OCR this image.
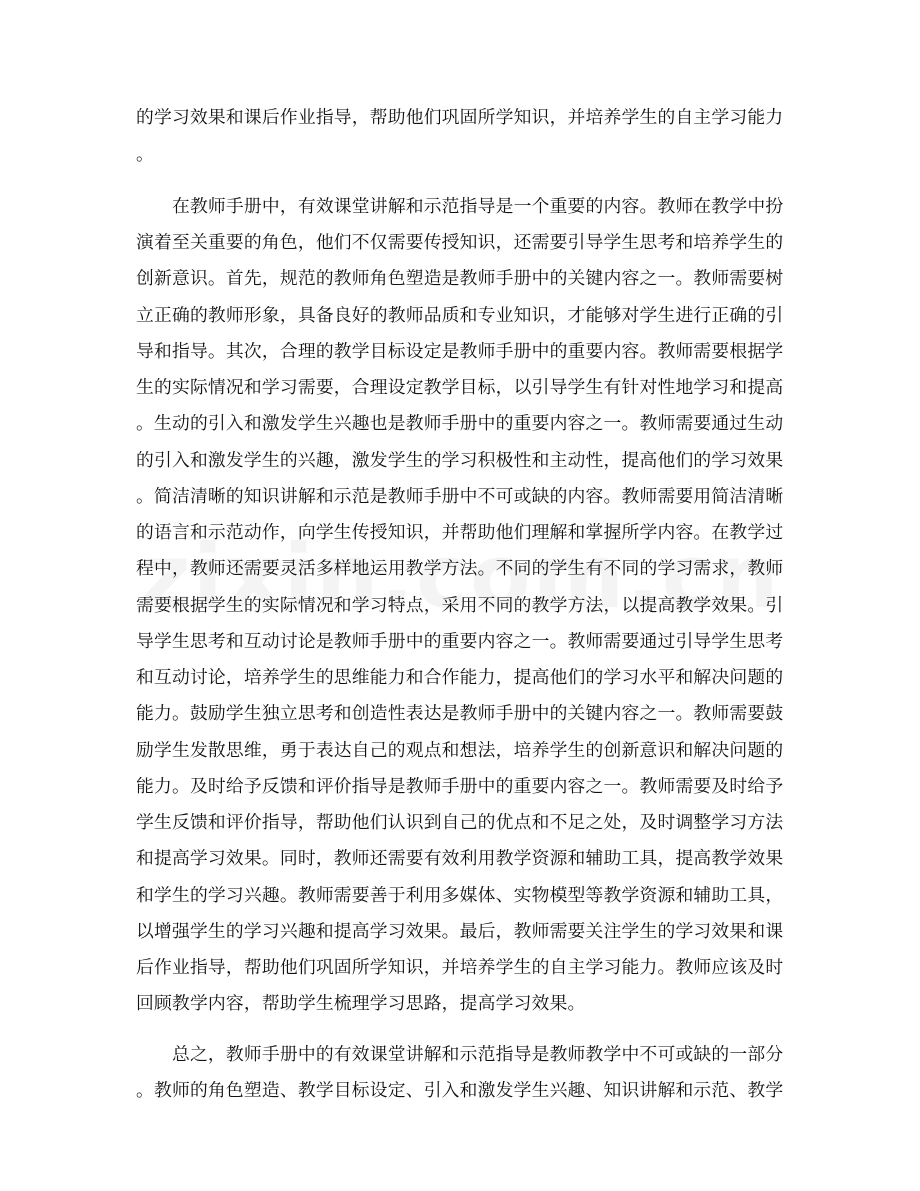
的学习效果和课后作业指导，帮助他们巩固所学知识，并培养学生的自主学习能力
。
　　在教师手册中，有效课堂讲解和示范指导是一个重要的内容。教师在教学中扮
演着至关重要的角色，他们不仅需要传授知识，还需要引导学生思考和培养学生的
创新意识。首先，规范的教师角色塑造是教师手册中的关键内容之一。教师需要树
立正确的教师形象，具备良好的教师品质和专业知识，才能够对学生进行正确的引
导和指导。其次，合理的教学目标设定是教师手册中的重要内容。教师需要根据学
生的实际情况和学习需要，合理设定教学目标，以引导学生有针对性地学习和提高
。生动的引入和激发学生兴趣也是教师手册中的重要内容之一。教师需要通过生动
的引入和激发学生的兴趣，激发学生的学习积极性和主动性，提高他们的学习效果
。简洁清晰的知识讲解和示范是教师手册中不可或缺的内容。教师需要用简洁清晰
的语言和示范动作，向学生传授知识，并帮助他们理解和掌握所学内容。在教学过
程中，教师还需要灵活多样地运用教学方法。不同的学生有不同的学习需求，教师
需要根据学生的实际情况和学习特点，采用不同的教学方法，以提高教学效果。引
导学生思考和互动讨论是教师手册中的重要内容之一。教师需要通过引导学生思考
和互动讨论，培养学生的思维能力和合作能力，提高他们的学习水平和解决问题的
能力。鼓励学生独立思考和创造性表达是教师手册中的关键内容之一。教师需要鼓
励学生发散思维，勇于表达自己的观点和想法，培养学生的创新意识和解决问题的
能力。及时给予反馈和评价指导是教师手册中的重要内容之一。教师需要及时给予
学生反馈和评价指导，帮助他们认识到自己的优点和不足之处，及时调整学习方法
和提高学习效果。同时，教师还需要有效利用教学资源和辅助工具，提高教学效果
和学生的学习兴趣。教师需要善于利用多媒体、实物模型等教学资源和辅助工具，
以增强学生的学习兴趣和提高学习效果。最后，教师需要关注学生的学习效果和课
后作业指导，帮助他们巩固所学知识，并培养学生的自主学习能力。教师应该及时
回顾教学内容，帮助学生梳理学习思路，提高学习效果。
　　总之，教师手册中的有效课堂讲解和示范指导是教师教学中不可或缺的一部分
。教师的角色塑造、教学目标设定、引入和激发学生兴趣、知识讲解和示范、教学
